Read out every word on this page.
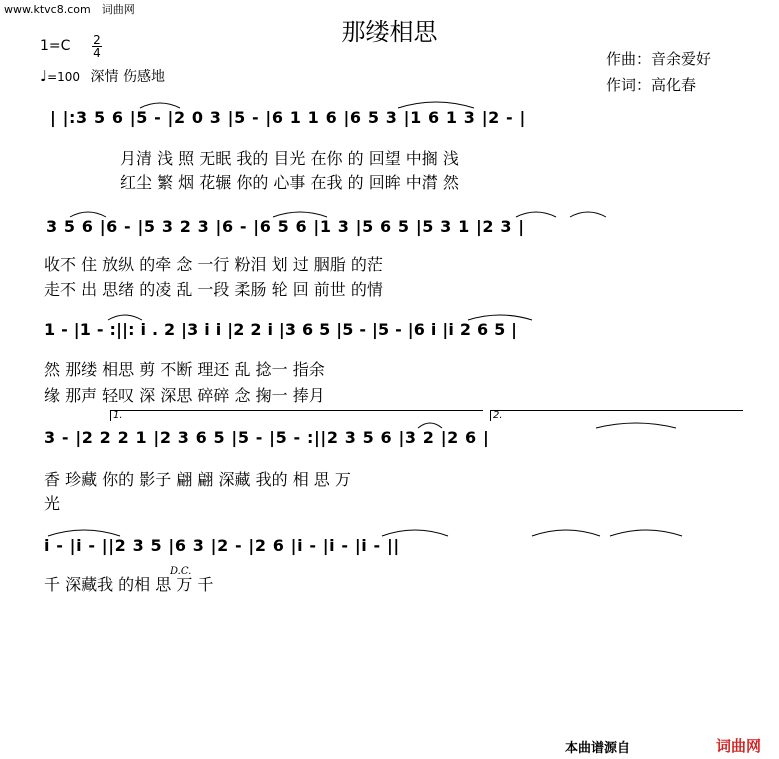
www.ktvc8.com　词曲网
那缕相思
1=C 2
4
♩=100 深情 伤感地
作曲：音余爱好
作词：高化春
| |:3 5 6 |5 - |2 0 3 |5 - |6 1 1 6 |6 5 3 |1 6 1 3 |2 - |
月清 浅 照 无眠 我的 目光 在你 的 回望 中搁 浅
红尘 繁 烟 花辗 你的 心事 在我 的 回眸 中潸 然
3 5 6 |6 - |5 3 2 3 |6 - |6 5 6 |1 3 |5 6 5 |5 3 1 |2 3 |
收不 住 放纵 的牵 念 一行 粉泪 划 过 胭脂 的茫
走不 出 思绪 的凌 乱 一段 柔肠 轮 回 前世 的情
1 - |1 - :||: i . 2 |3 i i |2 2 i |3 6 5 |5 - |5 - |6 i |i 2 6 5 |
然 那缕 相思 剪 不断 理还 乱 捻一 指余
缘 那声 轻叹 深 深思 碎碎 念 掬一 捧月
1.	2.
3 - |2 2 2 1 |2 3 6 5 |5 - |5 - :||2 3 5 6 |3 2 |2 6 |
香 珍藏 你的 影子 翩 翩 深藏 我的 相 思 万
光
i - |i - ||2 3 5 |6 3 |2 - |2 6 |i - |i - |i - ||
千 深藏我 的相 思 万 千
D.C.
本曲谱源自	词曲网
